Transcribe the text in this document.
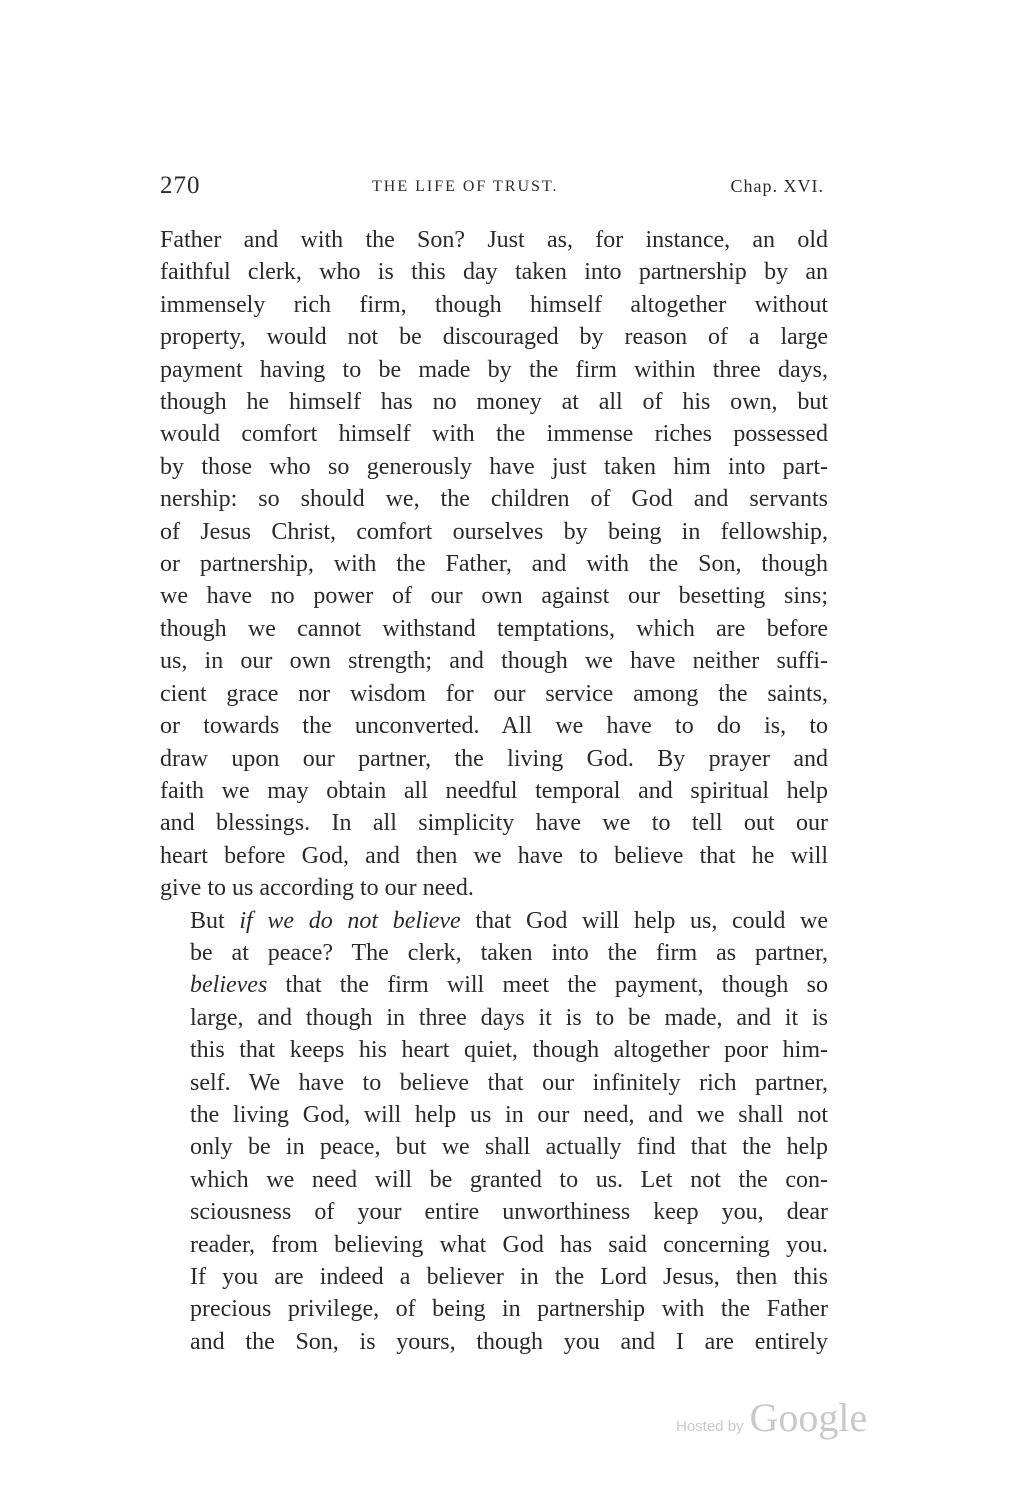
270	THE LIFE OF TRUST.	Chap. XVI.

Father and with the Son? Just as, for instance, an old
faithful clerk, who is this day taken into partnership by an
immensely rich firm, though himself altogether without
property, would not be discouraged by reason of a large
payment having to be made by the firm within three days,
though he himself has no money at all of his own, but
would comfort himself with the immense riches possessed
by those who so generously have just taken him into part-
nership: so should we, the children of God and servants
of Jesus Christ, comfort ourselves by being in fellowship,
or partnership, with the Father, and with the Son, though
we have no power of our own against our besetting sins;
though we cannot withstand temptations, which are before
us, in our own strength; and though we have neither suffi-
cient grace nor wisdom for our service among the saints,
or towards the unconverted. All we have to do is, to
draw upon our partner, the living God. By prayer and
faith we may obtain all needful temporal and spiritual help
and blessings. In all simplicity have we to tell out our
heart before God, and then we have to believe that he will
give to us according to our need.

But if we do not believe that God will help us, could we
be at peace? The clerk, taken into the firm as partner,
believes that the firm will meet the payment, though so
large, and though in three days it is to be made, and it is
this that keeps his heart quiet, though altogether poor him-
self. We have to believe that our infinitely rich partner,
the living God, will help us in our need, and we shall not
only be in peace, but we shall actually find that the help
which we need will be granted to us. Let not the con-
sciousness of your entire unworthiness keep you, dear
reader, from believing what God has said concerning you.
If you are indeed a believer in the Lord Jesus, then this
precious privilege, of being in partnership with the Father
and the Son, is yours, though you and I are entirely

Hosted by Google
